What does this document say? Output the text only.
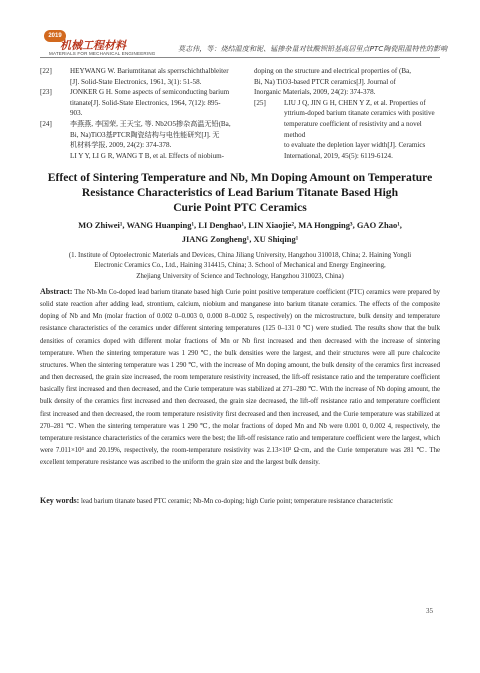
2019
机械工程材料
MATERIALS FOR MECHANICAL ENGINEERING
莫志伟，等：烧结温度和铌、锰掺杂量对钛酸钡铅基高居里点PTC陶瓷阻温特性的影响
[22]	HEYWANG W. Bariumtitanat als sperrschichthalbleiter
[J]. Solid-State Electronics, 1961, 3(1): 51-58.
[23]	JONKER G H. Some aspects of semiconducting barium
titanate[J]. Solid-State Electronics, 1964, 7(12): 895-
903.
[24]	李燕燕, 李国荣, 王天宝, 等. Nb2O5掺杂高温无铅(Ba,
Bi, Na)TiO3基PTCR陶瓷结构与电性能研究[J]. 无
机材料学报, 2009, 24(2): 374-378.
LI Y Y, LI G R, WANG T B, et al. Effects of niobium-
doping on the structure and electrical properties of (Ba,
Bi, Na) TiO3-based PTCR ceramics[J]. Journal of
Inorganic Materials, 2009, 24(2): 374-378.
[25]	LIU J Q, JIN G H, CHEN Y Z, et al. Properties of
yttrium-doped barium titanate ceramics with positive
temperature coefficient of resistivity and a novel method
to evaluate the depletion layer width[J]. Ceramics
International, 2019, 45(5): 6119-6124.
Effect of Sintering Temperature and Nb, Mn Doping Amount on Temperature
Resistance Characteristics of Lead Barium Titanate Based High
Curie Point PTC Ceramics
MO Zhiwei¹, WANG Huanping¹, LI Denghao¹, LIN Xiaojie², MA Hongping³, GAO Zhao¹,
JIANG Zongheng¹, XU Shiqing¹
(1. Institute of Optoelectronic Materials and Devices, China Jiliang University, Hangzhou 310018, China; 2. Haining Yongli
Electronic Ceramics Co., Ltd., Haining 314415, China; 3. School of Mechanical and Energy Engineering,
Zhejiang University of Science and Technology, Hangzhou 310023, China)
Abstract: The Nb-Mn Co-doped lead barium titanate based high Curie point positive temperature coefficient (PTC) ceramics were prepared by solid state reaction after adding lead, strontium, calcium, niobium and manganese into barium titanate ceramics. The effects of the composite doping of Nb and Mn (molar fraction of 0.002 0–0.003 0, 0.000 8–0.002 5, respectively) on the microstructure, bulk density and temperature resistance characteristics of the ceramics under different sintering temperatures (125 0–131 0 ℃) were studied. The results show that the bulk densities of ceramics doped with different molar fractions of Mn or Nb first increased and then decreased with the increase of sintering temperature. When the sintering temperature was 1 290 ℃, the bulk densities were the largest, and their structures were all pure chalcocite structures. When the sintering temperature was 1 290 ℃, with the increase of Mn doping amount, the bulk density of the ceramics first increased and then decreased, the grain size increased, the room temperature resistivity increased, the lift-off resistance ratio and the temperature coefficient basically first increased and then decreased, and the Curie temperature was stabilized at 271–280 ℃. With the increase of Nb doping amount, the bulk density of the ceramics first increased and then decreased, the grain size decreased, the lift-off resistance ratio and temperature coefficient first increased and then decreased, the room temperature resistivity first decreased and then increased, and the Curie temperature was stabilized at 270–281 ℃. When the sintering temperature was 1 290 ℃, the molar fractions of doped Mn and Nb were 0.001 0, 0.002 4, respectively, the temperature resistance characteristics of the ceramics were the best; the lift-off resistance ratio and temperature coefficient were the largest, which were 7.011×10³ and 20.19%, respectively, the room-temperature resistivity was 2.13×10³ Ω·cm, and the Curie temperature was 281 ℃. The excellent temperature resistance was ascribed to the uniform the grain size and the largest bulk density.
Key words: lead barium titanate based PTC ceramic; Nb-Mn co-doping; high Curie point; temperature resistance characteristic
35
